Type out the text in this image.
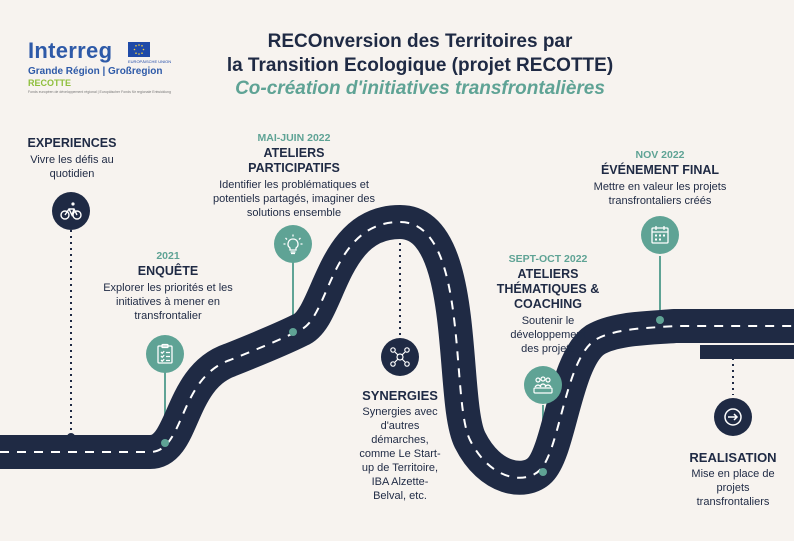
Interreg	EUROPÄISCHE UNION
Grande Région | Großregion
RECOTTE
Fonds européen de développement régional | Europäischer Fonds für regionale Entwicklung
RECOnversion des Territoires par
la Transition Ecologique (projet RECOTTE)
Co-création d'initiatives transfrontalières
EXPERIENCES
Vivre les défis au
quotidien
2021
ENQUÊTE
Explorer les priorités et les
initiatives à mener en
transfrontalier
MAI-JUIN 2022
ATELIERS
PARTICIPATIFS
Identifier les problématiques et
potentiels partagés, imaginer des
solutions ensemble
SYNERGIES
Synergies avec
d'autres
démarches,
comme Le Start-
up de Territoire,
IBA Alzette-
Belval, etc.
SEPT-OCT 2022
ATELIERS
THÉMATIQUES &
COACHING
Soutenir le
développement
des projets
NOV 2022
ÉVÉNEMENT FINAL
Mettre en valeur les projets
transfrontaliers créés
REALISATION
Mise en place de
projets
transfrontaliers
